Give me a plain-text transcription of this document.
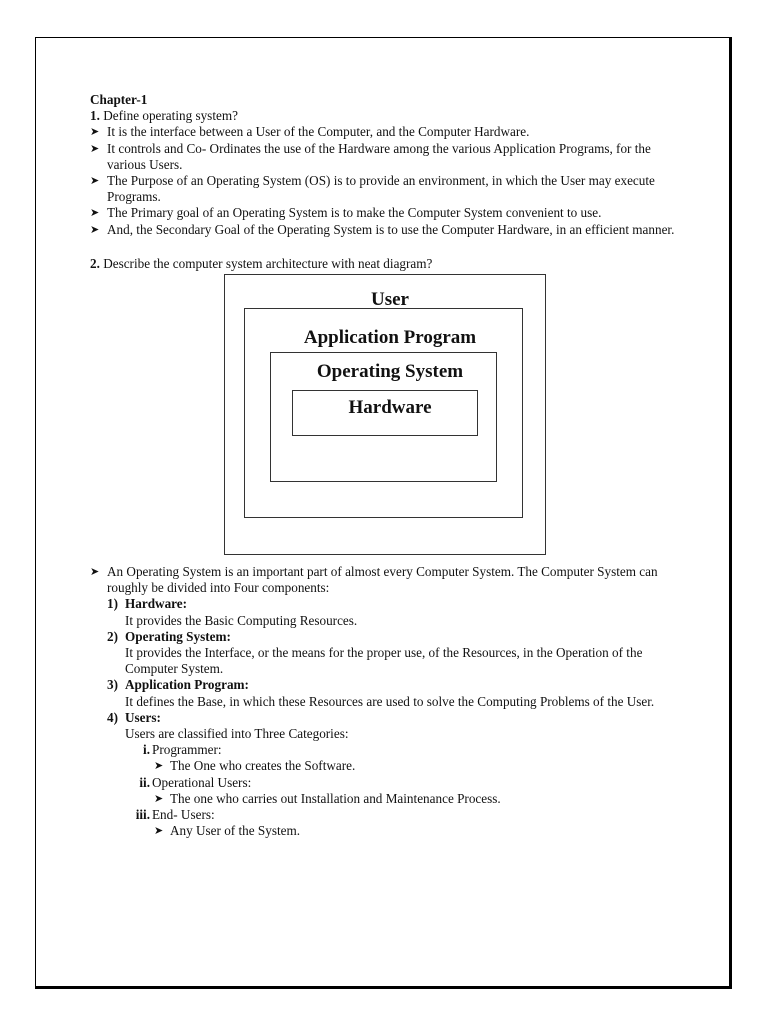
Chapter-1

1. Define operating system?

➤ It is the interface between a User of the Computer, and the Computer Hardware.
➤ It controls and Co- Ordinates the use of the Hardware among the various Application Programs, for the various Users.
➤ The Purpose of an Operating System (OS) is to provide an environment, in which the User may execute Programs.
➤ The Primary goal of an Operating System is to make the Computer System convenient to use.
➤ And, the Secondary Goal of the Operating System is to use the Computer Hardware, in an efficient manner.

2. Describe the computer system architecture with neat diagram?

User
Application Program
Operating System
Hardware
➤ An Operating System is an important part of almost every Computer System. The Computer System can roughly be divided into Four components:
1) Hardware:
It provides the Basic Computing Resources.
2) Operating System:
It provides the Interface, or the means for the proper use, of the Resources, in the Operation of the Computer System.
3) Application Program:
It defines the Base, in which these Resources are used to solve the Computing Problems of the User.
4) Users:
Users are classified into Three Categories:
i. Programmer:
➤ The One who creates the Software.
ii. Operational Users:
➤ The one who carries out Installation and Maintenance Process.
iii. End- Users:
➤ Any User of the System.
